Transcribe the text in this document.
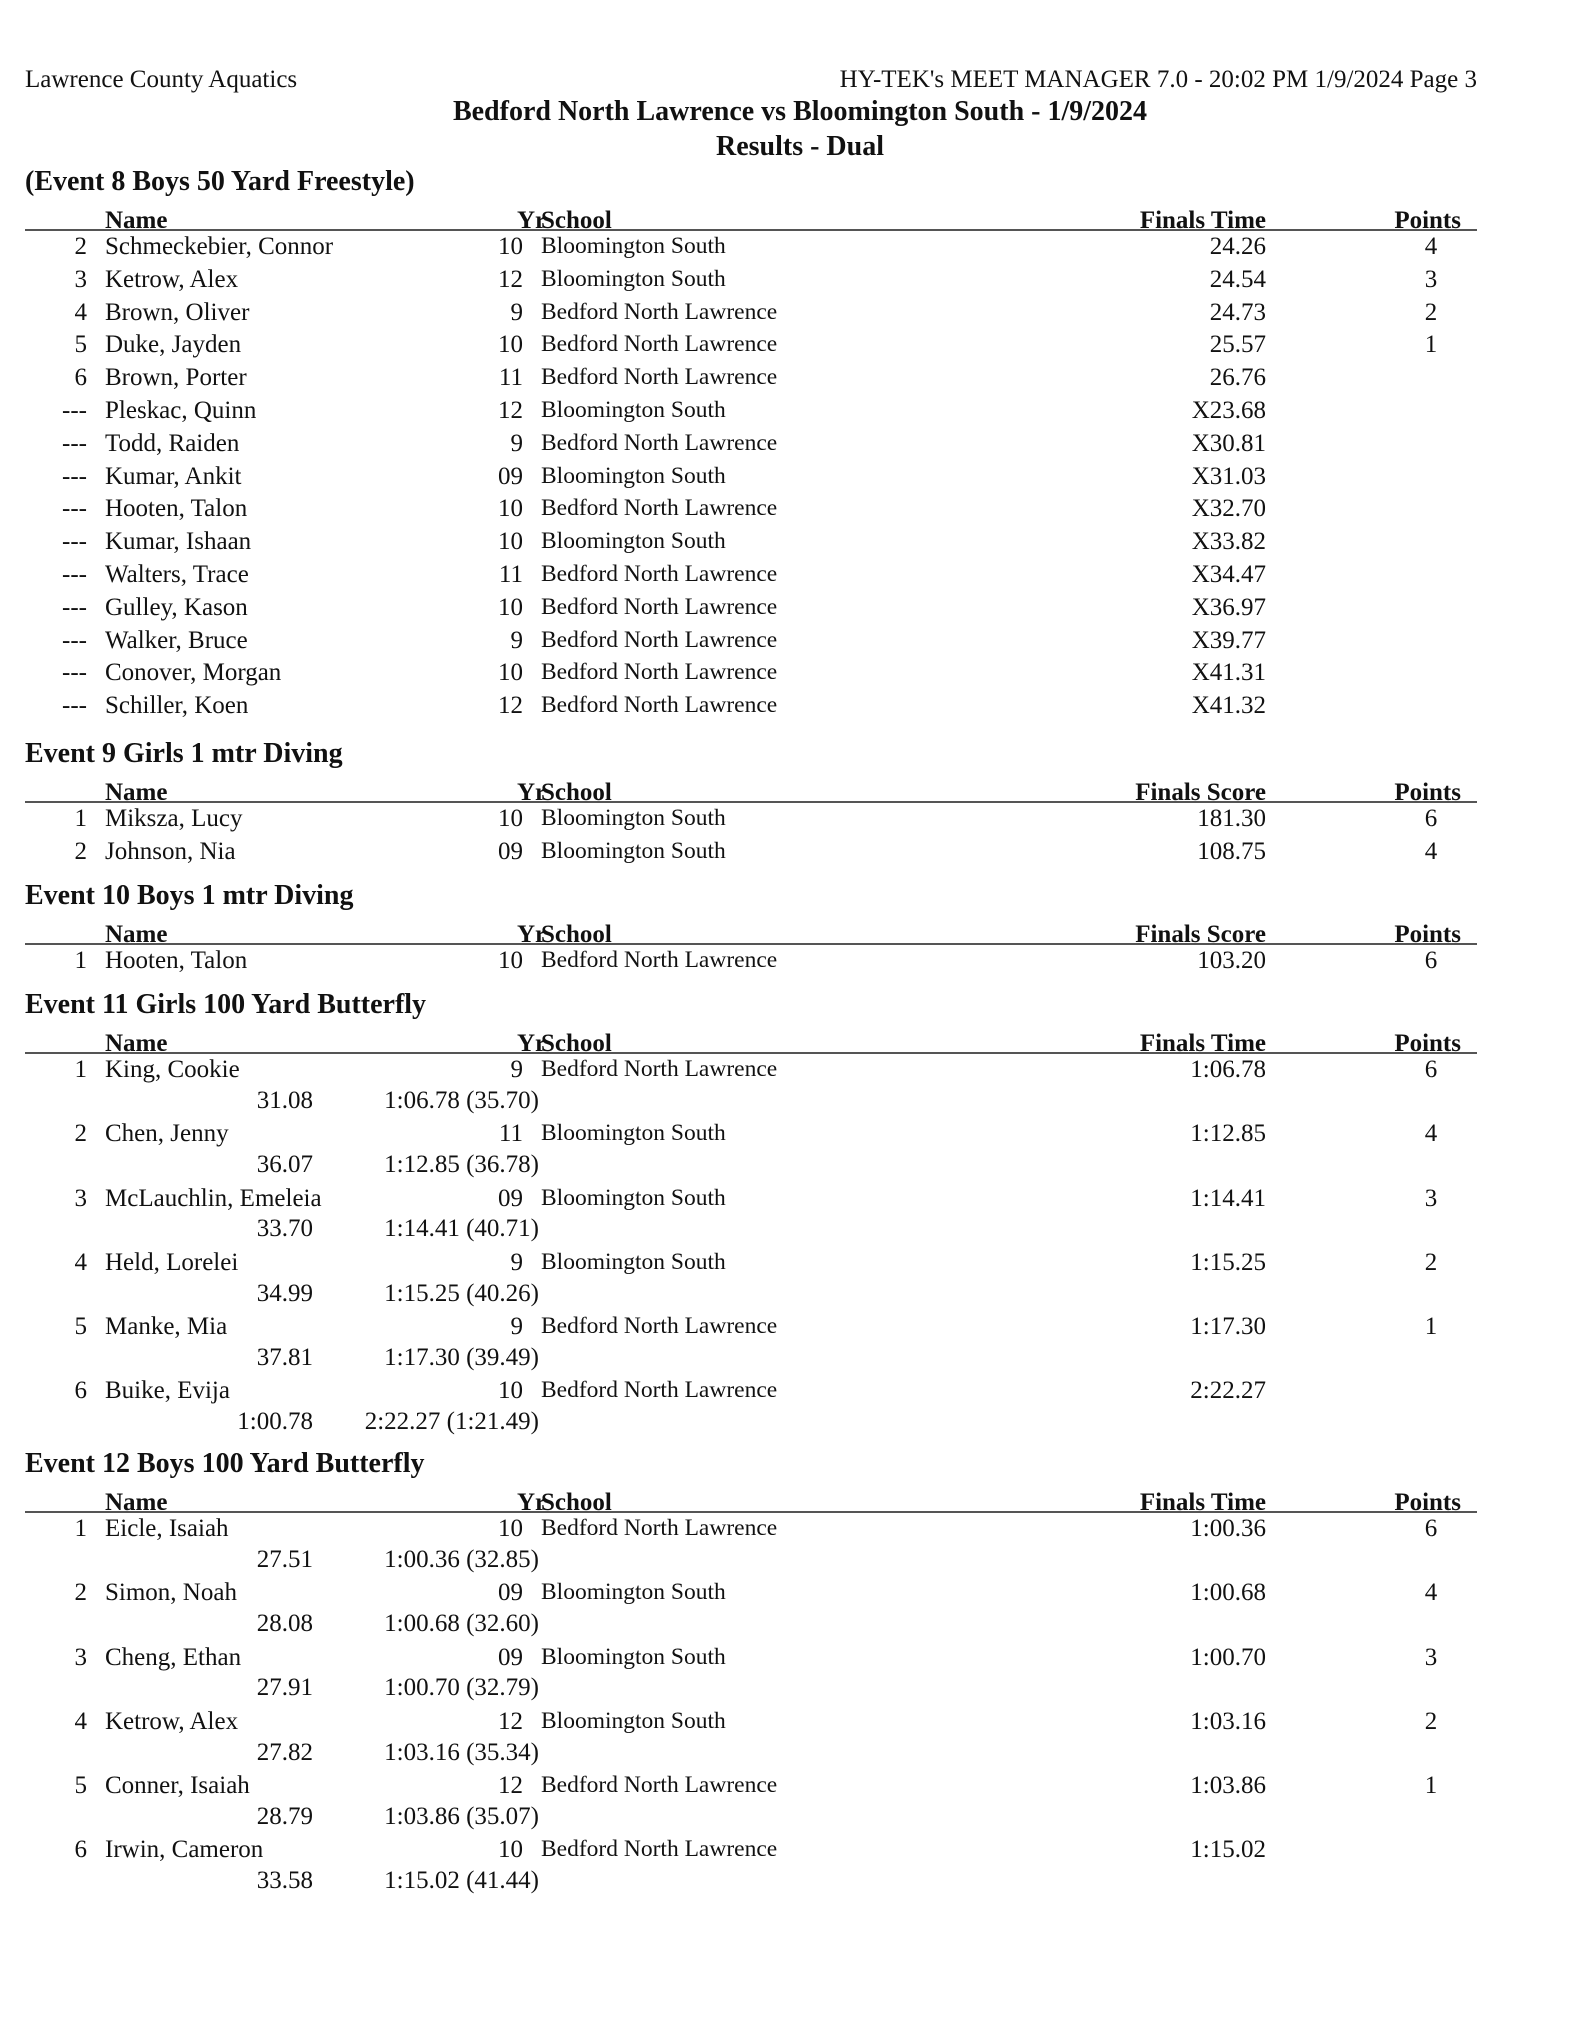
Lawrence County Aquatics	HY-TEK's MEET MANAGER 7.0 - 20:02 PM 1/9/2024 Page 3
Bedford North Lawrence vs Bloomington South - 1/9/2024
Results - Dual
(Event 8 Boys 50 Yard Freestyle)
Name	Yr
School	Finals Time	Points
2 Schmeckebier, Connor	10 Bloomington South	24.26	4
3 Ketrow, Alex	12 Bloomington South	24.54	3
4 Brown, Oliver	9 Bedford North Lawrence	24.73	2
5 Duke, Jayden	10 Bedford North Lawrence	25.57	1
6 Brown, Porter	11 Bedford North Lawrence	26.76
--- Pleskac, Quinn	12 Bloomington South	X23.68
--- Todd, Raiden	9 Bedford North Lawrence	X30.81
--- Kumar, Ankit	09 Bloomington South	X31.03
--- Hooten, Talon	10 Bedford North Lawrence	X32.70
--- Kumar, Ishaan	10 Bloomington South	X33.82
--- Walters, Trace	11 Bedford North Lawrence	X34.47
--- Gulley, Kason	10 Bedford North Lawrence	X36.97
--- Walker, Bruce	9 Bedford North Lawrence	X39.77
--- Conover, Morgan	10 Bedford North Lawrence	X41.31
--- Schiller, Koen	12 Bedford North Lawrence	X41.32
Event 9 Girls 1 mtr Diving
Name	Yr
School	Finals Score	Points
1 Miksza, Lucy	10 Bloomington South	181.30	6
2 Johnson, Nia	09 Bloomington South	108.75	4
Event 10 Boys 1 mtr Diving
Name	Yr
School	Finals Score	Points
1 Hooten, Talon	10 Bedford North Lawrence	103.20	6
Event 11 Girls 100 Yard Butterfly
Name	Yr
School	Finals Time	Points
1 King, Cookie	9 Bedford North Lawrence	1:06.78	6
31.08	1:06.78 (35.70)
2 Chen, Jenny	11 Bloomington South	1:12.85	4
36.07	1:12.85 (36.78)
3 McLauchlin, Emeleia	09 Bloomington South	1:14.41	3
33.70	1:14.41 (40.71)
4 Held, Lorelei	9 Bloomington South	1:15.25	2
34.99	1:15.25 (40.26)
5 Manke, Mia	9 Bedford North Lawrence	1:17.30	1
37.81	1:17.30 (39.49)
6 Buike, Evija	10 Bedford North Lawrence	2:22.27
1:00.78 2:22.27 (1:21.49)
Event 12 Boys 100 Yard Butterfly
Name	Yr
School	Finals Time	Points
1 Eicle, Isaiah	10 Bedford North Lawrence	1:00.36	6
27.51	1:00.36 (32.85)
2 Simon, Noah	09 Bloomington South	1:00.68	4
28.08	1:00.68 (32.60)
3 Cheng, Ethan	09 Bloomington South	1:00.70	3
27.91	1:00.70 (32.79)
4 Ketrow, Alex	12 Bloomington South	1:03.16	2
27.82	1:03.16 (35.34)
5 Conner, Isaiah	12 Bedford North Lawrence	1:03.86	1
28.79	1:03.86 (35.07)
6 Irwin, Cameron	10 Bedford North Lawrence	1:15.02
33.58	1:15.02 (41.44)
